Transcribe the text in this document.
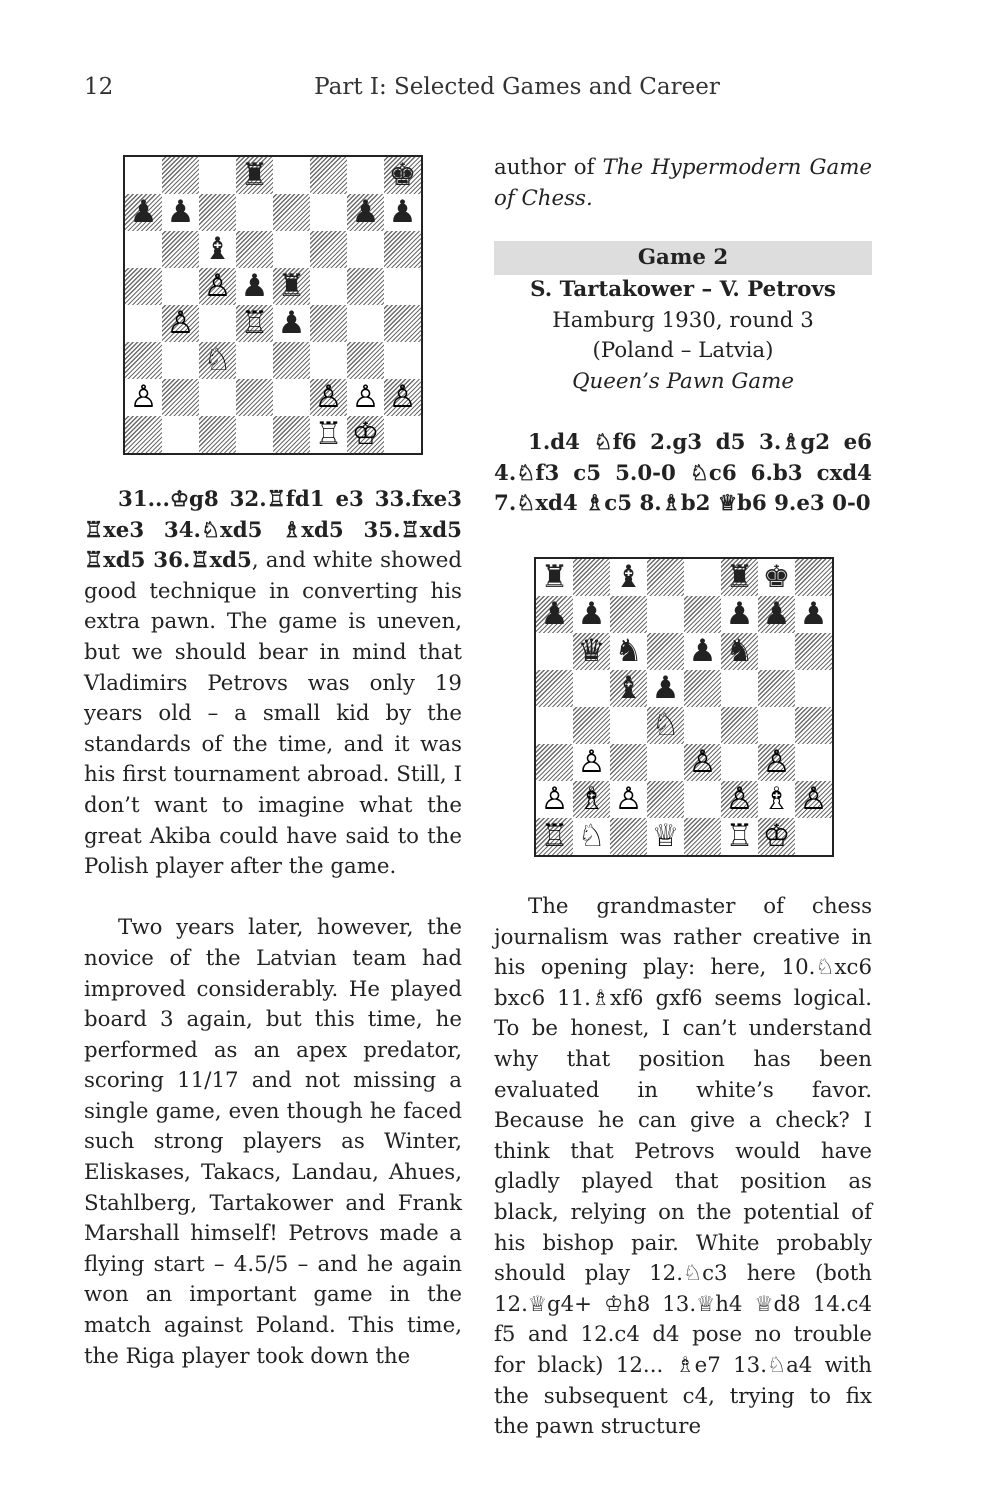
12	Part I: Selected Games and Career
♜	♚
♟ ♟	♟ ♟
♝
♙ ♟ ♜
♙ ♖ ♟
♘
♙	♙ ♙ ♙
♖ ♔

31...♔g8 32.♖fd1 e3 33.fxe3 ♖xe3 34.♘xd5 ♗xd5 35.♖xd5 ♖xd5 36.♖xd5, and white showed good technique in converting his extra pawn. The game is uneven, but we should bear in mind that Vladimirs Petrovs was only 19 years old – a small kid by the standards of the time, and it was his first tournament abroad. Still, I don’t want to imagine what the great Akiba could have said to the Polish player after the game.

Two years later, however, the novice of the Latvian team had improved considerably. He played board 3 again, but this time, he performed as an apex predator, scoring 11/17 and not missing a single game, even though he faced such strong players as Winter, Eliskases, Takacs, Landau, Ahues, Stahlberg, Tartakower and Frank Marshall himself! Petrovs made a flying start – 4.5/5 – and he again won an important game in the match against Poland. This time, the Riga player took down the

author of The Hypermodern Game of Chess.

Game 2

S. Tartakower – V. Petrovs

Hamburg 1930, round 3

(Poland – Latvia)

Queen’s Pawn Game

1.d4 ♘f6 2.g3 d5 3.♗g2 e6 4.♘f3 c5 5.0-0 ♘c6 6.b3 cxd4 7.♘xd4 ♗c5 8.♗b2 ♕b6 9.e3 0-0

♜ ♝	♜ ♚
♟ ♟	♟ ♟ ♟
♛ ♞ ♟ ♞
♝ ♟
♘
♙	♙ ♙
♙ ♗ ♙	♙ ♗ ♙
♖ ♘ ♕ ♖ ♔

The grandmaster of chess journalism was rather creative in his opening play: here, 10.♘xc6 bxc6 11.♗xf6 gxf6 seems logical. To be honest, I can’t understand why that position has been evaluated in white’s favor. Because he can give a check? I think that Petrovs would have gladly played that position as black, relying on the potential of his bishop pair. White probably should play 12.♘c3 here (both 12.♕g4+ ♔h8 13.♕h4 ♕d8 14.c4 f5 and 12.c4 d4 pose no trouble for black) 12... ♗e7 13.♘a4 with the subsequent c4, trying to fix the pawn structure
